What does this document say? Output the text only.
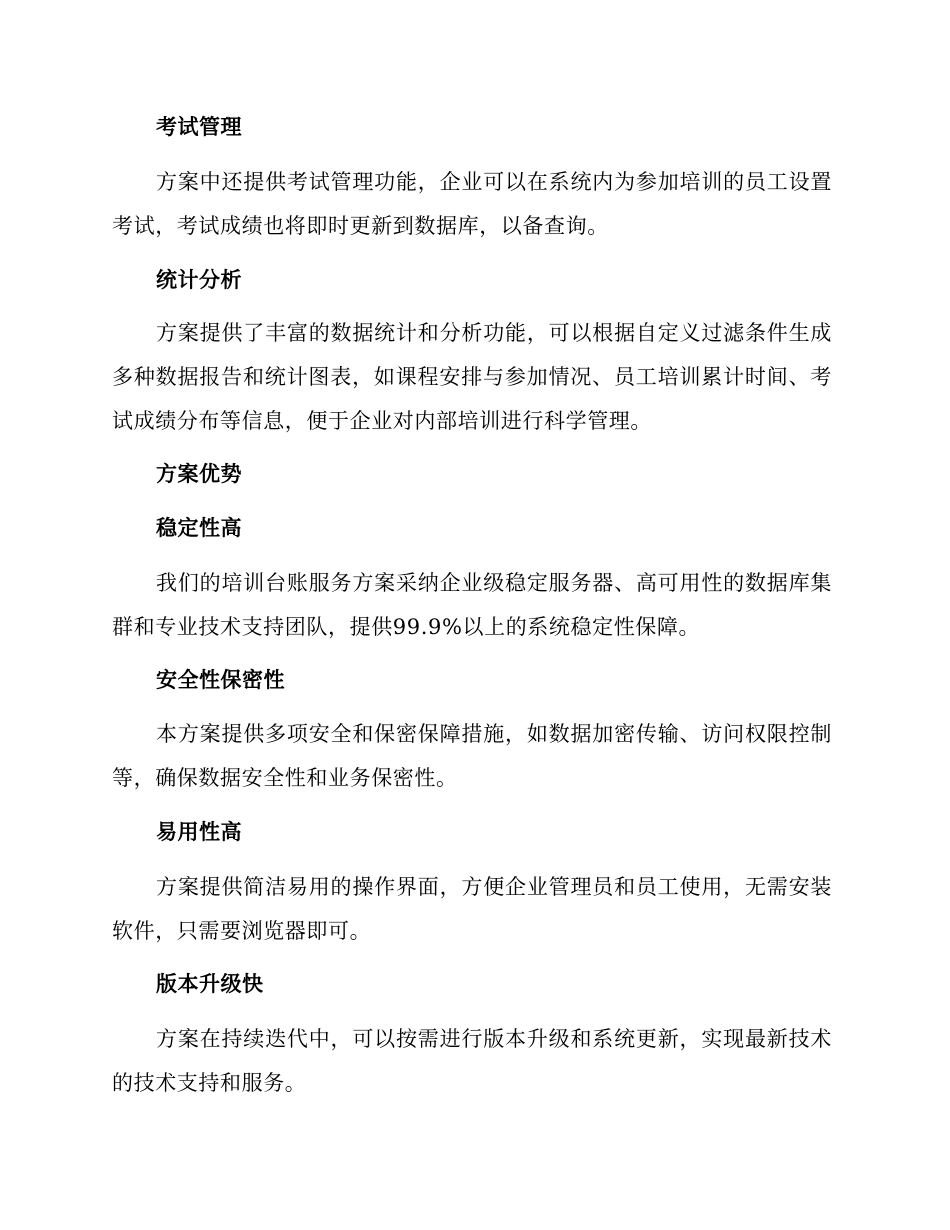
考试管理
方案中还提供考试管理功能，企业可以在系统内为参加培训的员工设置考试，考试成绩也将即时更新到数据库，以备查询。
统计分析
方案提供了丰富的数据统计和分析功能，可以根据自定义过滤条件生成多种数据报告和统计图表，如课程安排与参加情况、员工培训累计时间、考试成绩分布等信息，便于企业对内部培训进行科学管理。
方案优势
稳定性高
我们的培训台账服务方案采纳企业级稳定服务器、高可用性的数据库集群和专业技术支持团队，提供99.9%以上的系统稳定性保障。
安全性保密性
本方案提供多项安全和保密保障措施，如数据加密传输、访问权限控制等，确保数据安全性和业务保密性。
易用性高
方案提供简洁易用的操作界面，方便企业管理员和员工使用，无需安装软件，只需要浏览器即可。
版本升级快
方案在持续迭代中，可以按需进行版本升级和系统更新，实现最新技术的技术支持和服务。
